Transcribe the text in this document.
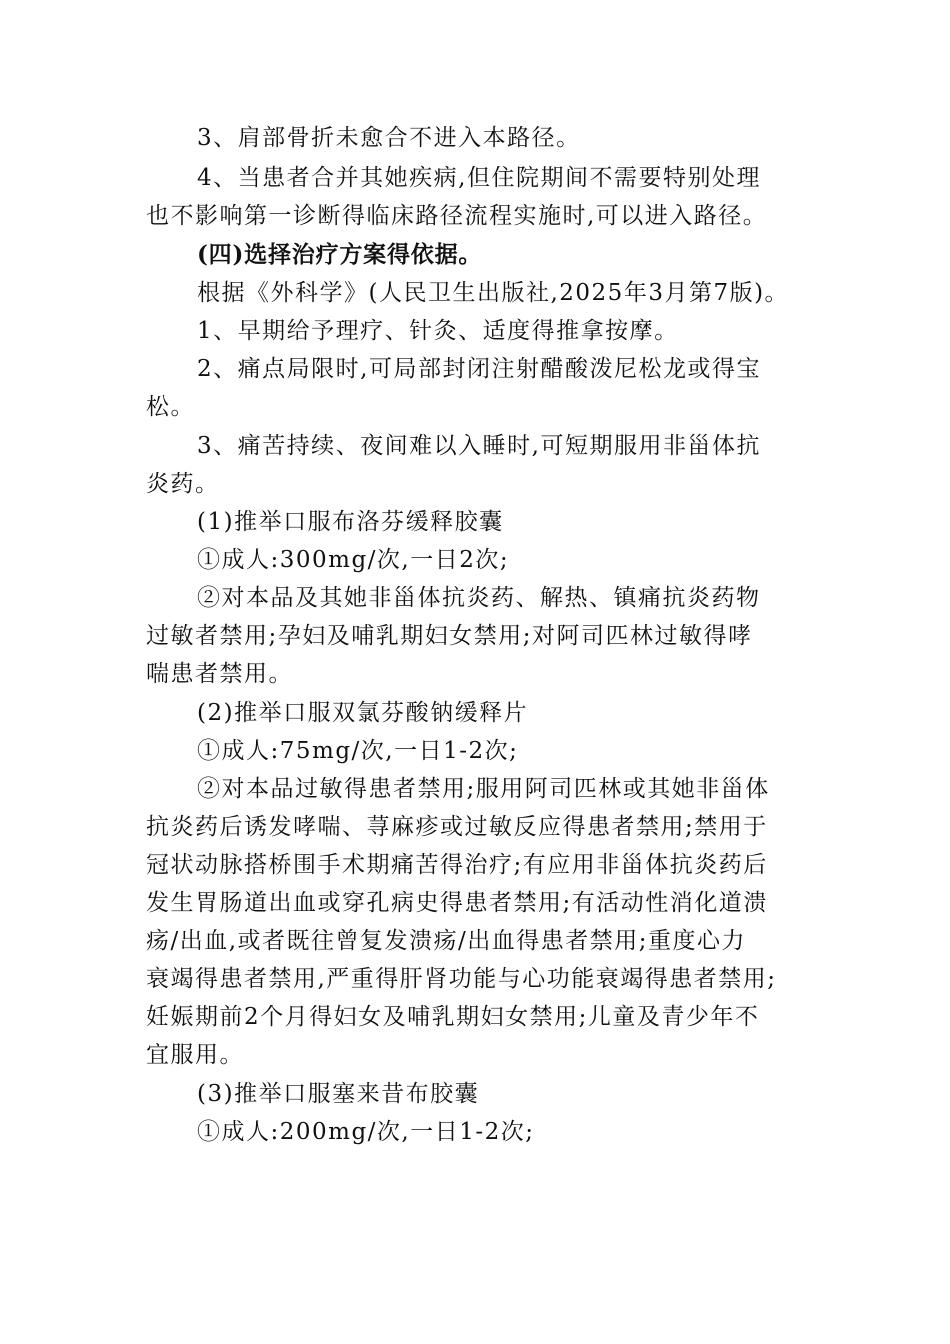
3、肩部骨折未愈合不进入本路径。
4、当患者合并其她疾病,但住院期间不需要特别处理
也不影响第一诊断得临床路径流程实施时,可以进入路径。
(四)选择治疗方案得依据。
根据《外科学》(人民卫生出版社,2025年3月第7版)。
1、早期给予理疗、针灸、适度得推拿按摩。
2、痛点局限时,可局部封闭注射醋酸泼尼松龙或得宝
松。
3、痛苦持续、夜间难以入睡时,可短期服用非甾体抗
炎药。
(1)推举口服布洛芬缓释胶囊
①成人:300mg/次,一日2次;
②对本品及其她非甾体抗炎药、解热、镇痛抗炎药物
过敏者禁用;孕妇及哺乳期妇女禁用;对阿司匹林过敏得哮
喘患者禁用。
(2)推举口服双氯芬酸钠缓释片
①成人:75mg/次,一日1-2次;
②对本品过敏得患者禁用;服用阿司匹林或其她非甾体
抗炎药后诱发哮喘、荨麻疹或过敏反应得患者禁用;禁用于
冠状动脉搭桥围手术期痛苦得治疗;有应用非甾体抗炎药后
发生胃肠道出血或穿孔病史得患者禁用;有活动性消化道溃
疡/出血,或者既往曾复发溃疡/出血得患者禁用;重度心力
衰竭得患者禁用,严重得肝肾功能与心功能衰竭得患者禁用;
妊娠期前2个月得妇女及哺乳期妇女禁用;儿童及青少年不
宜服用。
(3)推举口服塞来昔布胶囊
①成人:200mg/次,一日1-2次;
